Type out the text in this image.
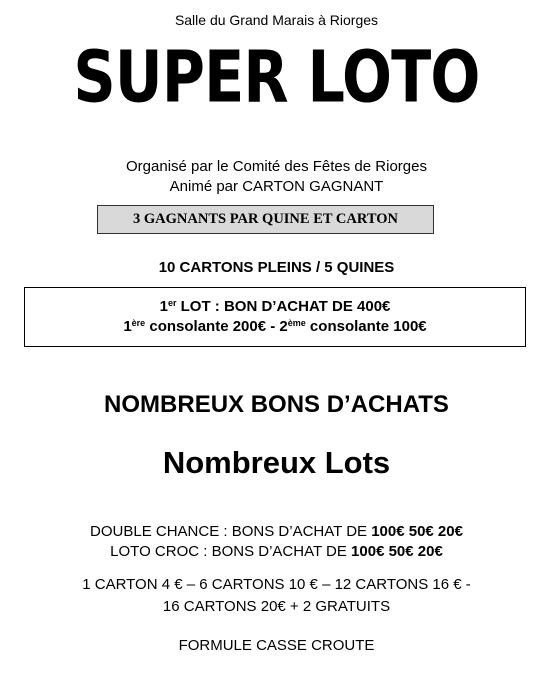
Salle du Grand Marais à Riorges
SUPER LOTO
Organisé par le Comité des Fêtes de Riorges
Animé par CARTON GAGNANT
3 GAGNANTS PAR QUINE ET CARTON
10 CARTONS PLEINS / 5 QUINES
1er LOT : BON D’ACHAT DE 400€
1ère consolante 200€ - 2ème consolante 100€
NOMBREUX BONS D’ACHATS
Nombreux Lots
DOUBLE CHANCE : BONS D’ACHAT DE 100€ 50€ 20€
LOTO CROC : BONS D’ACHAT DE 100€ 50€ 20€
1 CARTON 4 € – 6 CARTONS 10 € – 12 CARTONS 16 € -
16 CARTONS 20€ + 2 GRATUITS
FORMULE CASSE CROUTE
